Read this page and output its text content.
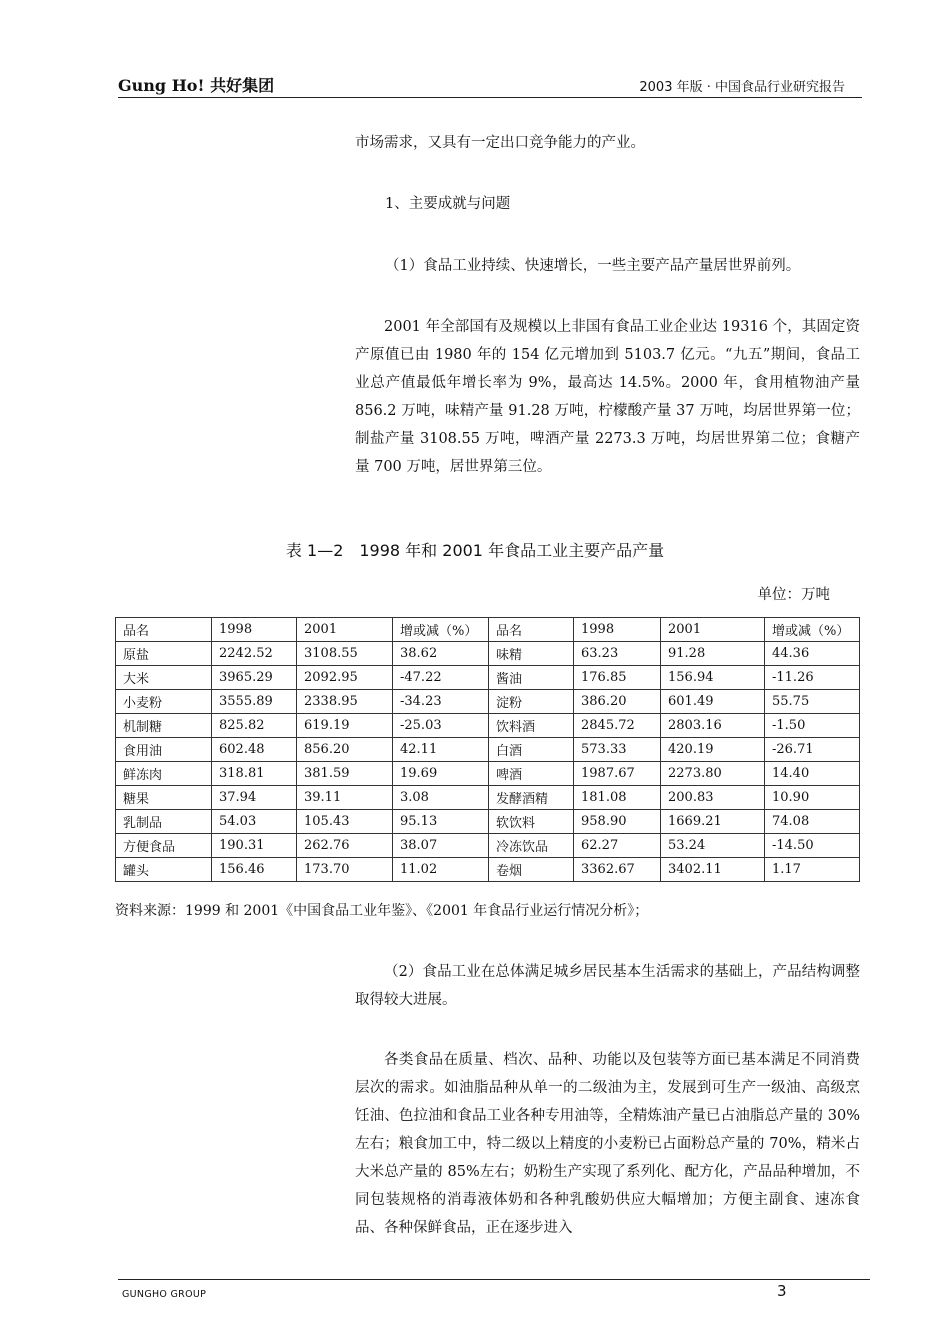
Gung Ho! 共好集团	2003 年版 · 中国食品行业研究报告

市场需求，又具有一定出口竞争能力的产业。

1、主要成就与问题

（1）食品工业持续、快速增长，一些主要产品产量居世界前列。

2001 年全部国有及规模以上非国有食品工业企业达 19316 个，其固定资产原值已由 1980 年的 154 亿元增加到 5103.7 亿元。“九五”期间，食品工业总产值最低年增长率为 9%，最高达 14.5%。2000 年，食用植物油产量 856.2 万吨，味精产量 91.28 万吨，柠檬酸产量 37 万吨，均居世界第一位；制盐产量 3108.55 万吨，啤酒产量 2273.3 万吨，均居世界第二位；食糖产量 700 万吨，居世界第三位。

表 1—2　1998 年和 2001 年食品工业主要产品产量
单位：万吨
品名	1998	2001	增或减（%）	品名	1998	2001	增或减（%）
原盐	2242.52	3108.55	38.62	味精	63.23	91.28	44.36
大米	3965.29	2092.95	-47.22	酱油	176.85	156.94	-11.26
小麦粉	3555.89	2338.95	-34.23	淀粉	386.20	601.49	55.75
机制糖	825.82	619.19	-25.03	饮料酒	2845.72	2803.16	-1.50
食用油	602.48	856.20	42.11	白酒	573.33	420.19	-26.71
鲜冻肉	318.81	381.59	19.69	啤酒	1987.67	2273.80	14.40
糖果	37.94	39.11	3.08	发酵酒精	181.08	200.83	10.90
乳制品	54.03	105.43	95.13	软饮料	958.90	1669.21	74.08
方便食品	190.31	262.76	38.07	冷冻饮品	62.27	53.24	-14.50
罐头	156.46	173.70	11.02	卷烟	3362.67	3402.11	1.17
资料来源：1999 和 2001《中国食品工业年鉴》、《2001 年食品行业运行情况分析》；

（2）食品工业在总体满足城乡居民基本生活需求的基础上，产品结构调整取得较大进展。

各类食品在质量、档次、品种、功能以及包装等方面已基本满足不同消费层次的需求。如油脂品种从单一的二级油为主，发展到可生产一级油、高级烹饪油、色拉油和食品工业各种专用油等，全精炼油产量已占油脂总产量的 30%左右；粮食加工中，特二级以上精度的小麦粉已占面粉总产量的 70%，精米占大米总产量的 85%左右；奶粉生产实现了系列化、配方化，产品品种增加，不同包装规格的消毒液体奶和各种乳酸奶供应大幅增加；方便主副食、速冻食品、各种保鲜食品，正在逐步进入

GUNGHO GROUP	3
